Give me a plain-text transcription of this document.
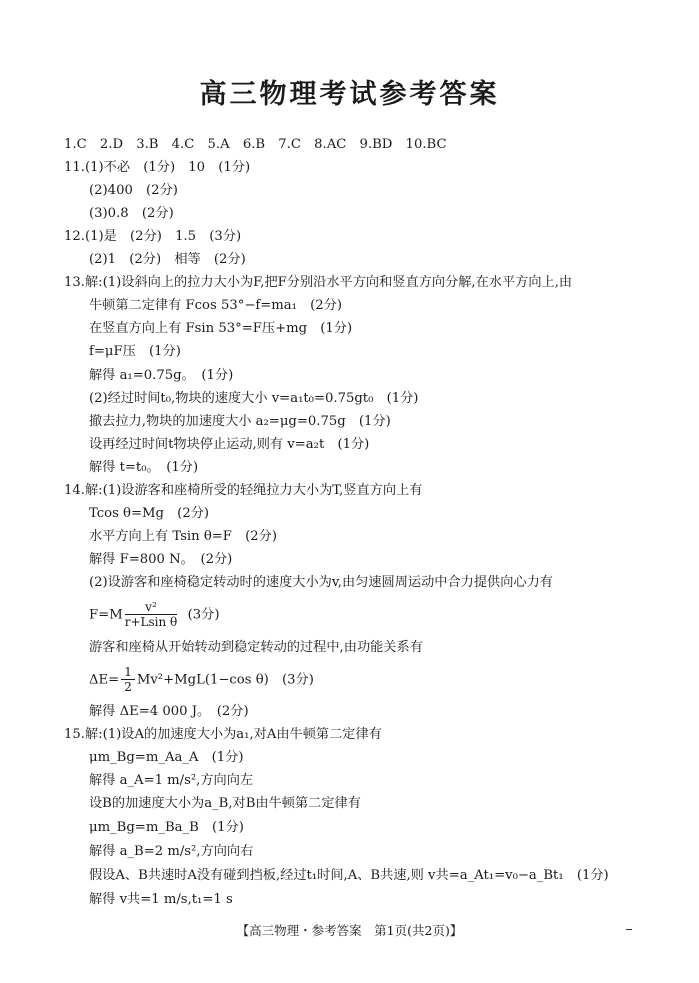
高三物理考试参考答案
1.C　2.D　3.B　4.C　5.A　6.B　7.C　8.AC　9.BD　10.BC
11.(1)不必　(1分)　10　(1分)
(2)400　(2分)
(3)0.8　(2分)
12.(1)是　(2分)　1.5　(3分)
(2)1　(2分)　相等　(2分)
13.解:(1)设斜向上的拉力大小为F,把F分别沿水平方向和竖直方向分解,在水平方向上,由
牛顿第二定律有 Fcos 53°−f=ma₁　(2分)
在竖直方向上有 Fsin 53°=F压+mg　(1分)
f=μF压　(1分)
解得 a₁=0.75g。　(1分)
(2)经过时间t₀,物块的速度大小 v=a₁t₀=0.75gt₀　(1分)
撤去拉力,物块的加速度大小 a₂=μg=0.75g　(1分)
设再经过时间t物块停止运动,则有 v=a₂t　(1分)
解得 t=t₀。　(1分)
14.解:(1)设游客和座椅所受的轻绳拉力大小为T,竖直方向上有
Tcos θ=Mg　(2分)
水平方向上有 Tsin θ=F　(2分)
解得 F=800 N。　(2分)
(2)设游客和座椅稳定转动时的速度大小为v,由匀速圆周运动中合力提供向心力有
$F=M \frac{\text{v²}}{\text{r+Lsin θ}} (3$分)
游客和座椅从开始转动到稳定转动的过程中,由功能关系有
$\Delta E= \frac{1}{2} Mv^2+MgL(1-\cos$ θ)　(3分)
解得 ΔE=4 000 J。　(2分)
15.解:(1)设A的加速度大小为a₁,对A由牛顿第二定律有
μm_Bg=m_Aa_A　(1分)
解得 a_A=1 m/s²,方向向左
设B的加速度大小为a_B,对B由牛顿第二定律有
μm_Bg=m_Ba_B　(1分)
解得 a_B=2 m/s²,方向向右
假设A、B共速时A没有碰到挡板,经过t₁时间,A、B共速,则 v共=a_At₁=v₀−a_Bt₁　(1分)
解得 v共=1 m/s,t₁=1 s
【高三物理・参考答案　第1页(共2页)】
